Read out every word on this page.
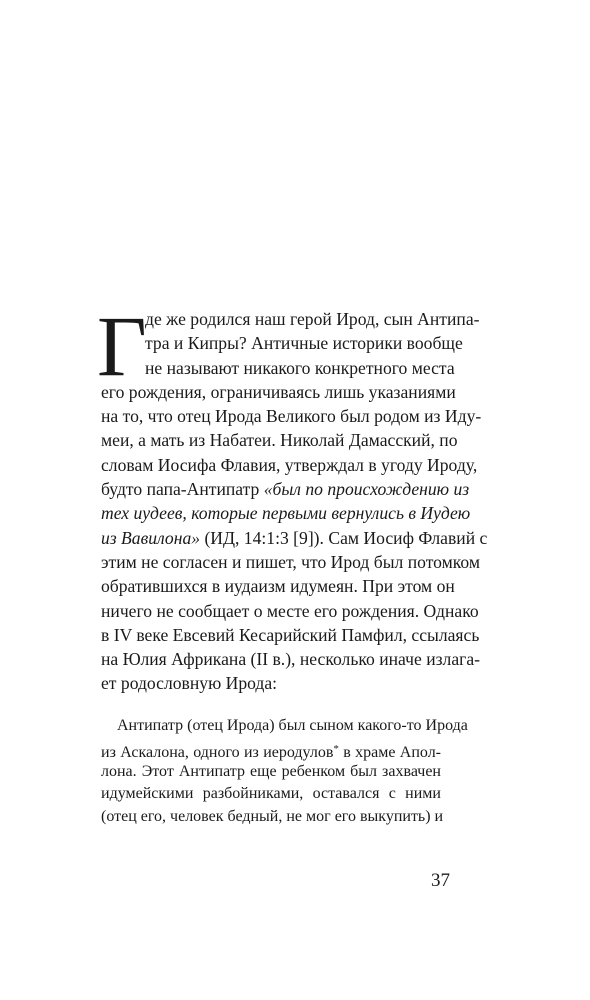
Г
де же родился наш герой Ирод, сын Антипа-
тра и Кипры? Античные историки вообще
не называют никакого конкретного места
его рождения, ограничиваясь лишь указаниями
на то, что отец Ирода Великого был родом из Иду-
меи, а мать из Набатеи. Николай Дамасский, по
словам Иосифа Флавия, утверждал в угоду Ироду,
будто папа-Антипатр «был по происхождению из
тех иудеев, которые первыми вернулись в Иудею
из Вавилона» (ИД, 14:1:3 [9]). Сам Иосиф Флавий с
этим не согласен и пишет, что Ирод был потомком
обратившихся в иудаизм идумеян. При этом он
ничего не сообщает о месте его рождения. Однако
в IV веке Евсевий Кесарийский Памфил, ссылаясь
на Юлия Африкана (II в.), несколько иначе излага-
ет родословную Ирода:
Антипатр (отец Ирода) был сыном какого-то Ирода
из Аскалона, одного из иеродулов* в храме Апол-
лона. Этот Антипатр еще ребенком был захвачен
идумейскими разбойниками, оставался с ними
(отец его, человек бедный, не мог его выкупить) и
37
